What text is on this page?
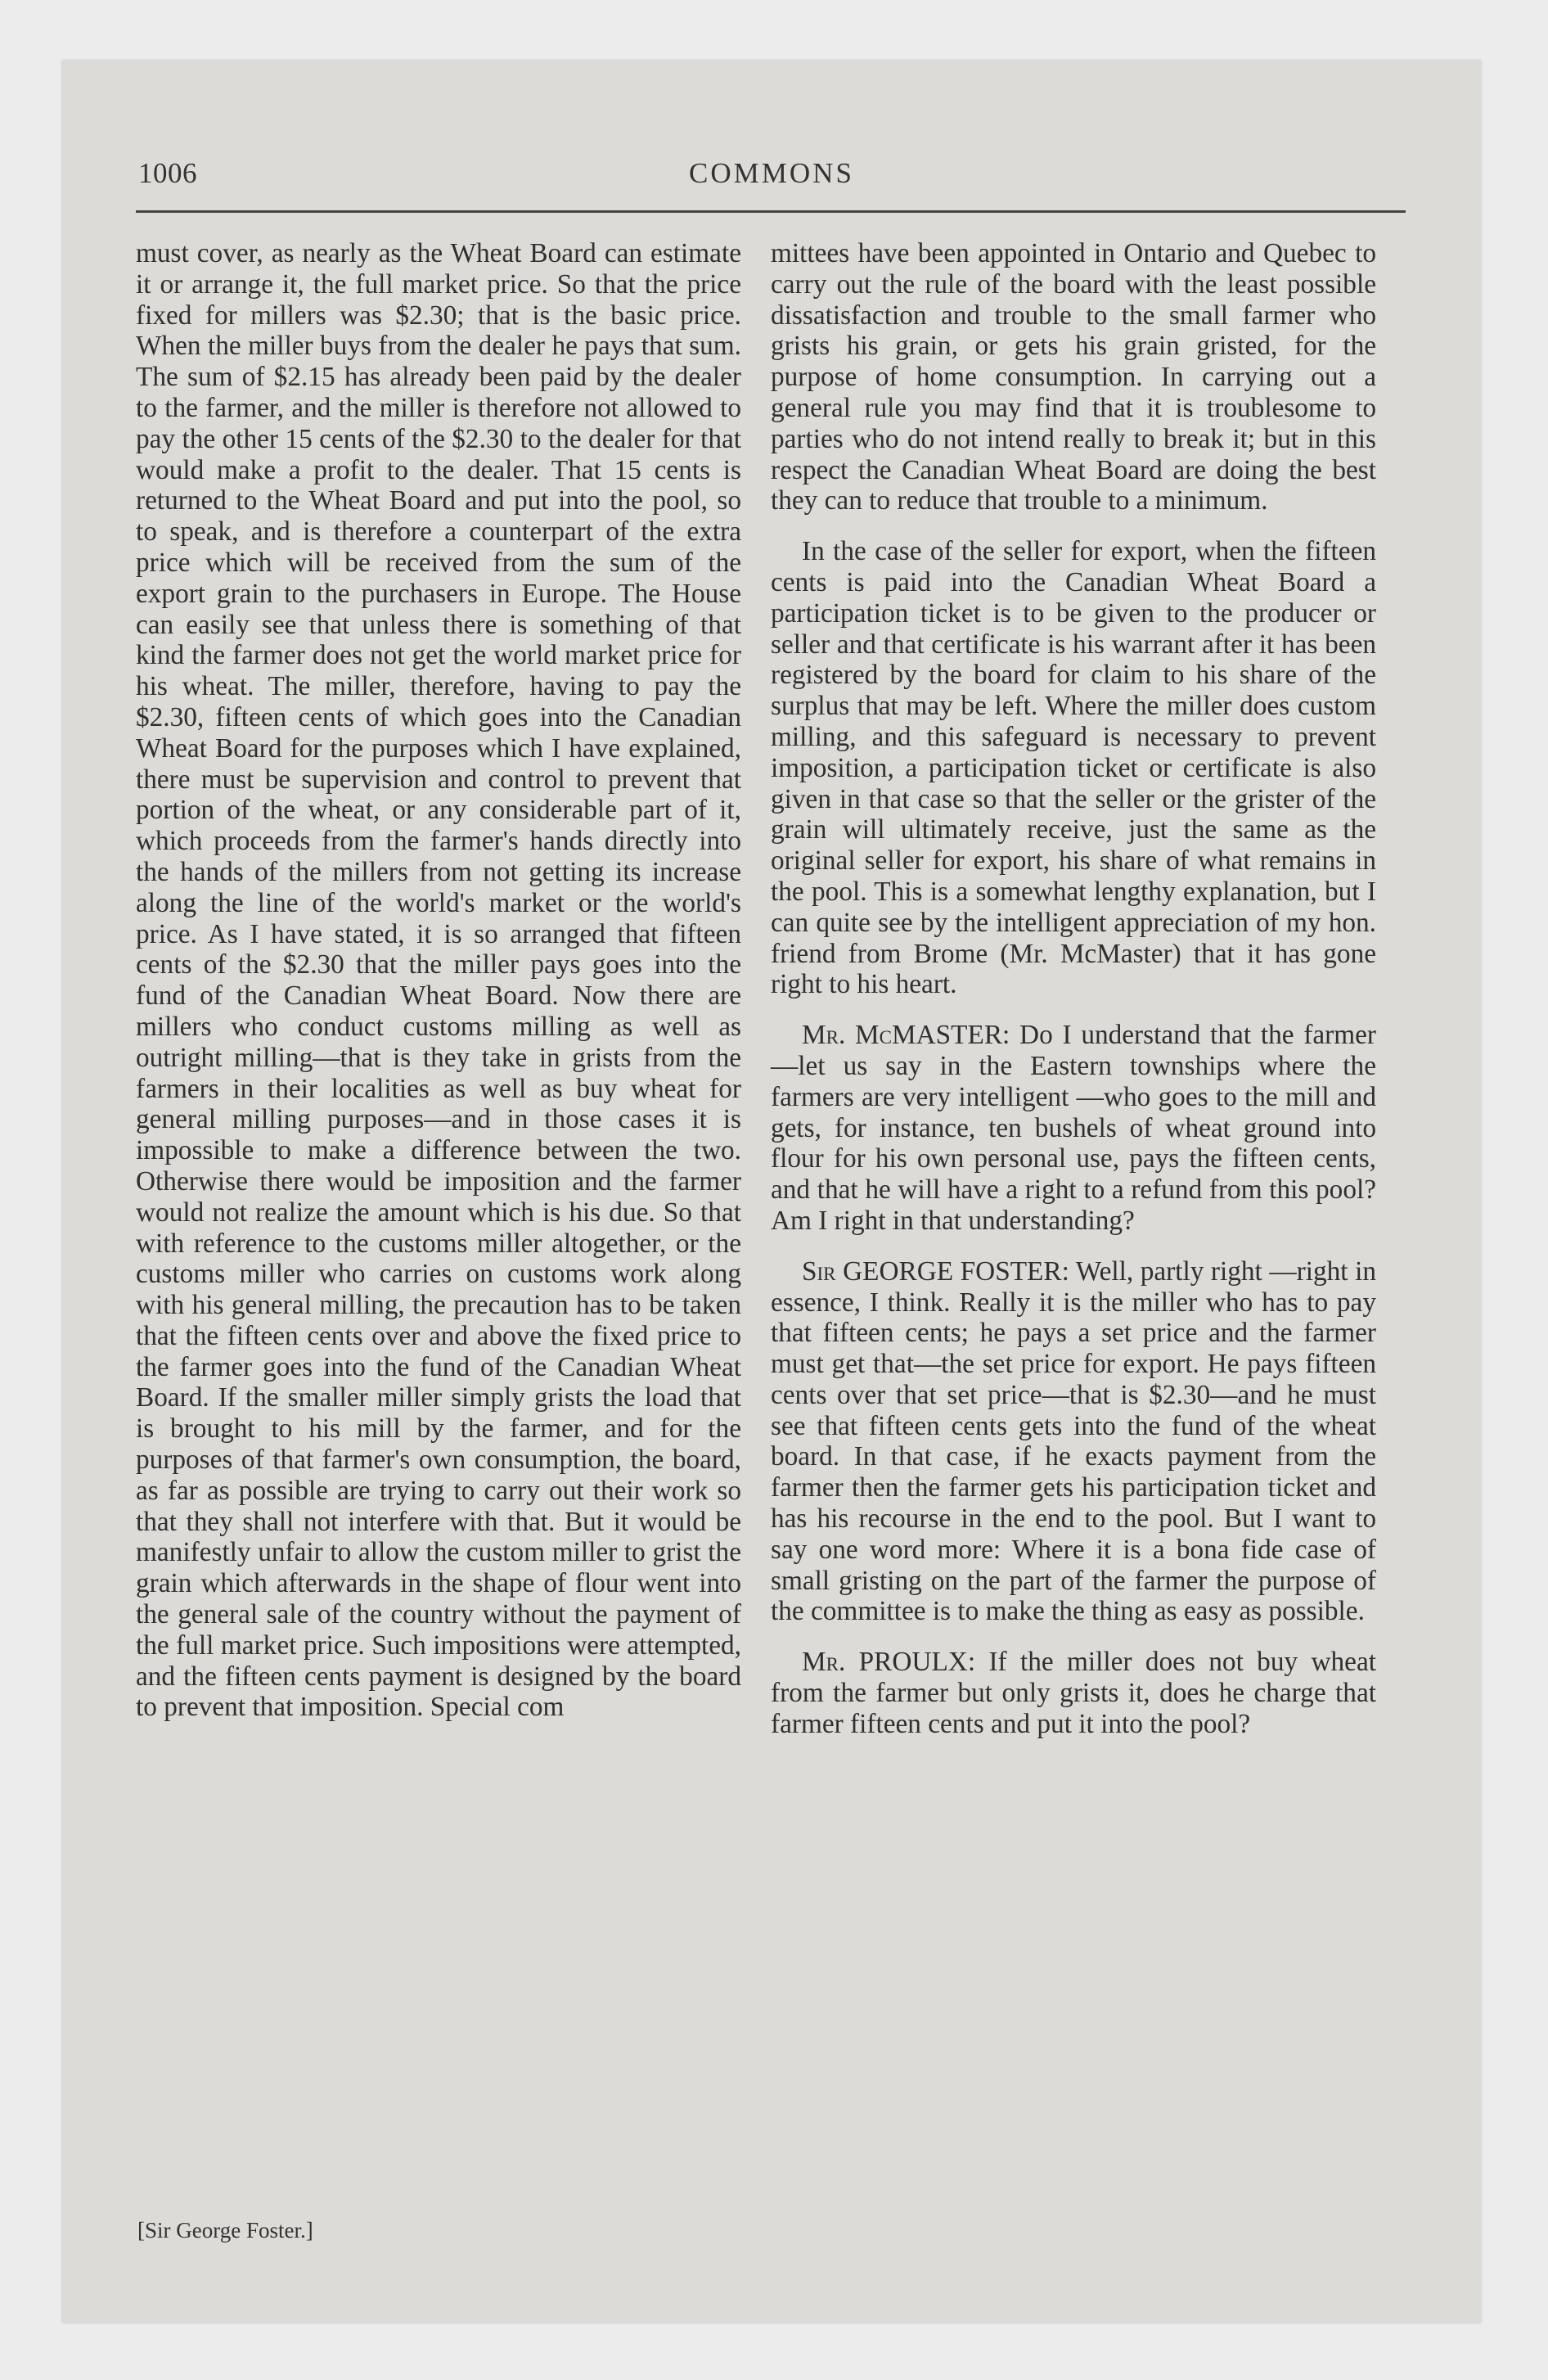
1006	COMMONS

must cover, as nearly as the Wheat Board can estimate it or arrange it, the full market price. So that the price fixed for millers was $2.30; that is the basic price. When the miller buys from the dealer he pays that sum. The sum of $2.15 has already been paid by the dealer to the farmer, and the miller is therefore not allowed to pay the other 15 cents of the $2.30 to the dealer for that would make a profit to the dealer. That 15 cents is returned to the Wheat Board and put into the pool, so to speak, and is therefore a counterpart of the extra price which will be received from the sum of the export grain to the purchasers in Europe. The House can easily see that unless there is something of that kind the farmer does not get the world market price for his wheat. The miller, therefore, having to pay the $2.30, fifteen cents of which goes into the Canadian Wheat Board for the purposes which I have explained, there must be supervision and control to prevent that portion of the wheat, or any considerable part of it, which proceeds from the farmer's hands directly into the hands of the millers from not getting its increase along the line of the world's market or the world's price. As I have stated, it is so arranged that fifteen cents of the $2.30 that the miller pays goes into the fund of the Canadian Wheat Board. Now there are millers who conduct customs milling as well as outright milling—that is they take in grists from the farmers in their localities as well as buy wheat for general milling purposes—and in those cases it is impossible to make a difference between the two. Otherwise there would be imposition and the farmer would not realize the amount which is his due. So that with reference to the customs miller altogether, or the customs miller who carries on customs work along with his general milling, the precaution has to be taken that the fifteen cents over and above the fixed price to the farmer goes into the fund of the Canadian Wheat Board. If the smaller miller simply grists the load that is brought to his mill by the farmer, and for the purposes of that farmer's own consumption, the board, as far as possible are trying to carry out their work so that they shall not interfere with that. But it would be manifestly unfair to allow the custom miller to grist the grain which afterwards in the shape of flour went into the general sale of the country without the payment of the full market price. Such impositions were attempted, and the fifteen cents payment is designed by the board to prevent that imposition. Special com

mittees have been appointed in Ontario and Quebec to carry out the rule of the board with the least possible dissatisfaction and trouble to the small farmer who grists his grain, or gets his grain gristed, for the purpose of home consumption. In carrying out a general rule you may find that it is troublesome to parties who do not intend really to break it; but in this respect the Canadian Wheat Board are doing the best they can to reduce that trouble to a minimum.

In the case of the seller for export, when the fifteen cents is paid into the Canadian Wheat Board a participation ticket is to be given to the producer or seller and that certificate is his warrant after it has been registered by the board for claim to his share of the surplus that may be left. Where the miller does custom milling, and this safeguard is necessary to prevent imposition, a participation ticket or certificate is also given in that case so that the seller or the grister of the grain will ultimately receive, just the same as the original seller for export, his share of what remains in the pool. This is a somewhat lengthy explanation, but I can quite see by the intelligent appreciation of my hon. friend from Brome (Mr. McMaster) that it has gone right to his heart.

Mr. McMASTER: Do I understand that the farmer—let us say in the Eastern townships where the farmers are very intelligent —who goes to the mill and gets, for instance, ten bushels of wheat ground into flour for his own personal use, pays the fifteen cents, and that he will have a right to a refund from this pool? Am I right in that understanding?

Sir GEORGE FOSTER: Well, partly right —right in essence, I think. Really it is the miller who has to pay that fifteen cents; he pays a set price and the farmer must get that—the set price for export. He pays fifteen cents over that set price—that is $2.30—and he must see that fifteen cents gets into the fund of the wheat board. In that case, if he exacts payment from the farmer then the farmer gets his participation ticket and has his recourse in the end to the pool. But I want to say one word more: Where it is a bona fide case of small gristing on the part of the farmer the purpose of the committee is to make the thing as easy as possible.

Mr. PROULX: If the miller does not buy wheat from the farmer but only grists it, does he charge that farmer fifteen cents and put it into the pool?

[Sir George Foster.]
